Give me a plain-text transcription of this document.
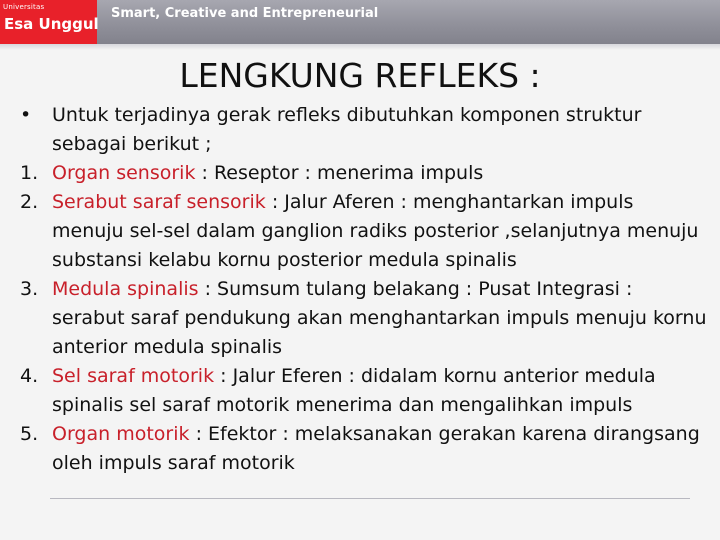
Universitas
Esa Unggul
Smart, Creative and Entrepreneurial
LENGKUNG REFLEKS :
•	Untuk terjadinya gerak refleks dibutuhkan komponen struktur sebagai berikut ;
1. Organ sensorik : Reseptor : menerima impuls
2. Serabut saraf sensorik : Jalur Aferen : menghantarkan impuls menuju sel-sel dalam ganglion radiks posterior ,selanjutnya menuju substansi kelabu kornu posterior medula spinalis
3. Medula spinalis : Sumsum tulang belakang : Pusat Integrasi : serabut saraf pendukung akan menghantarkan impuls menuju kornu anterior medula spinalis
4. Sel saraf motorik : Jalur Eferen : didalam kornu anterior medula spinalis sel saraf motorik menerima dan mengalihkan impuls
5. Organ motorik : Efektor : melaksanakan gerakan karena dirangsang oleh impuls saraf motorik
